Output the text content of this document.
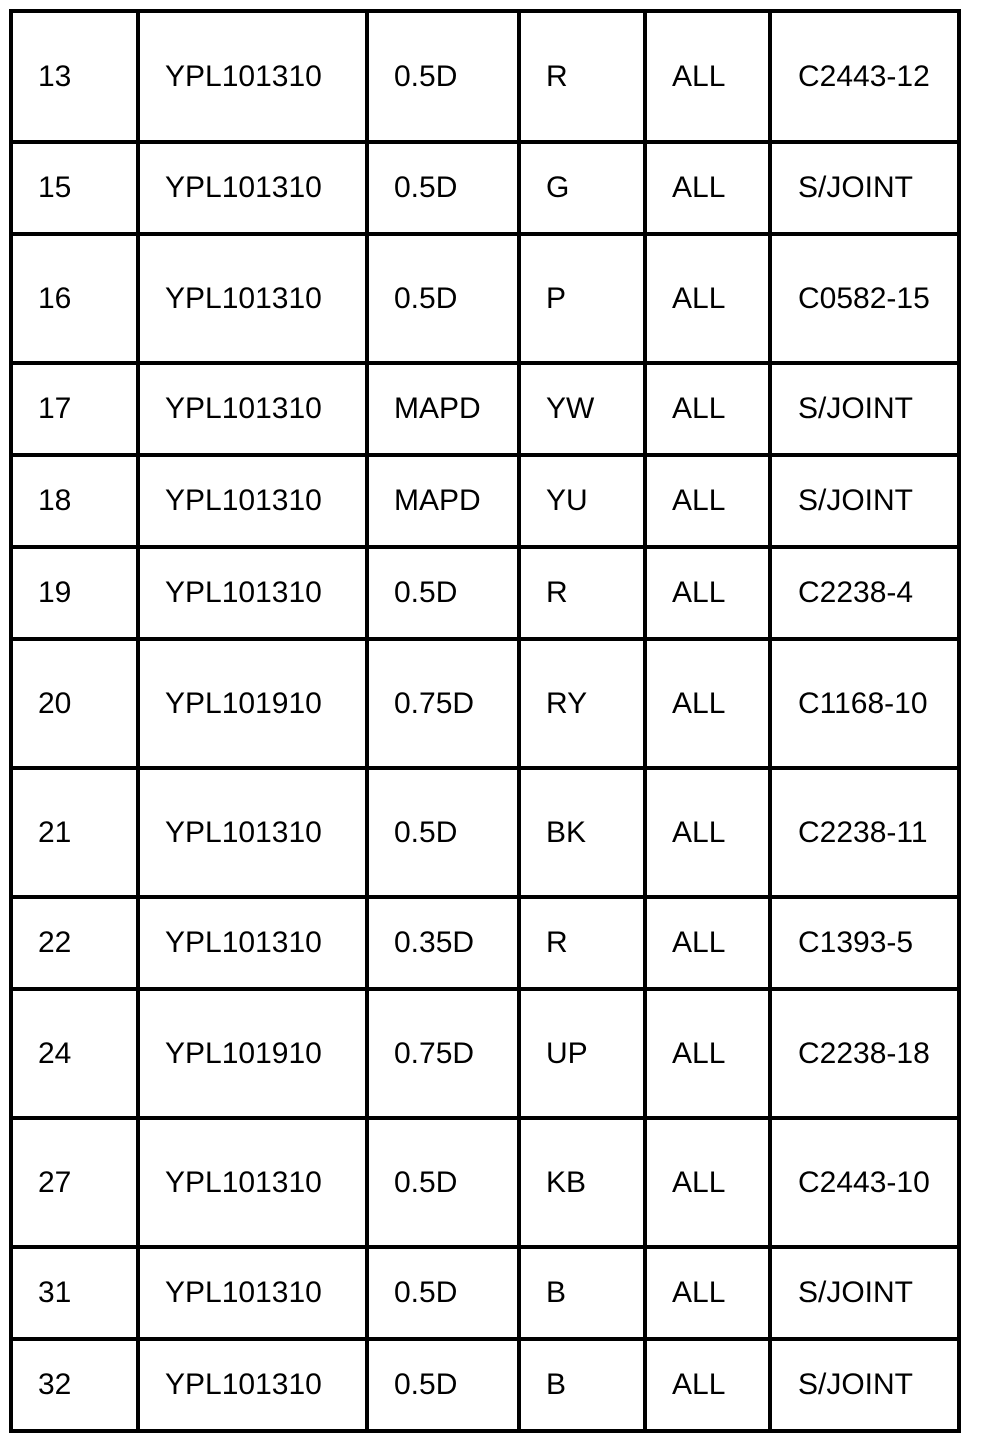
13	YPL101310	0.5D	R	ALL	C2443-12
15	YPL101310	0.5D	G	ALL	S/JOINT
16	YPL101310	0.5D	P	ALL	C0582-15
17	YPL101310	MAPD	YW	ALL	S/JOINT
18	YPL101310	MAPD	YU	ALL	S/JOINT
19	YPL101310	0.5D	R	ALL	C2238-4
20	YPL101910	0.75D	RY	ALL	C1168-10
21	YPL101310	0.5D	BK	ALL	C2238-11
22	YPL101310	0.35D	R	ALL	C1393-5
24	YPL101910	0.75D	UP	ALL	C2238-18
27	YPL101310	0.5D	KB	ALL	C2443-10
31	YPL101310	0.5D	B	ALL	S/JOINT
32	YPL101310	0.5D	B	ALL	S/JOINT
